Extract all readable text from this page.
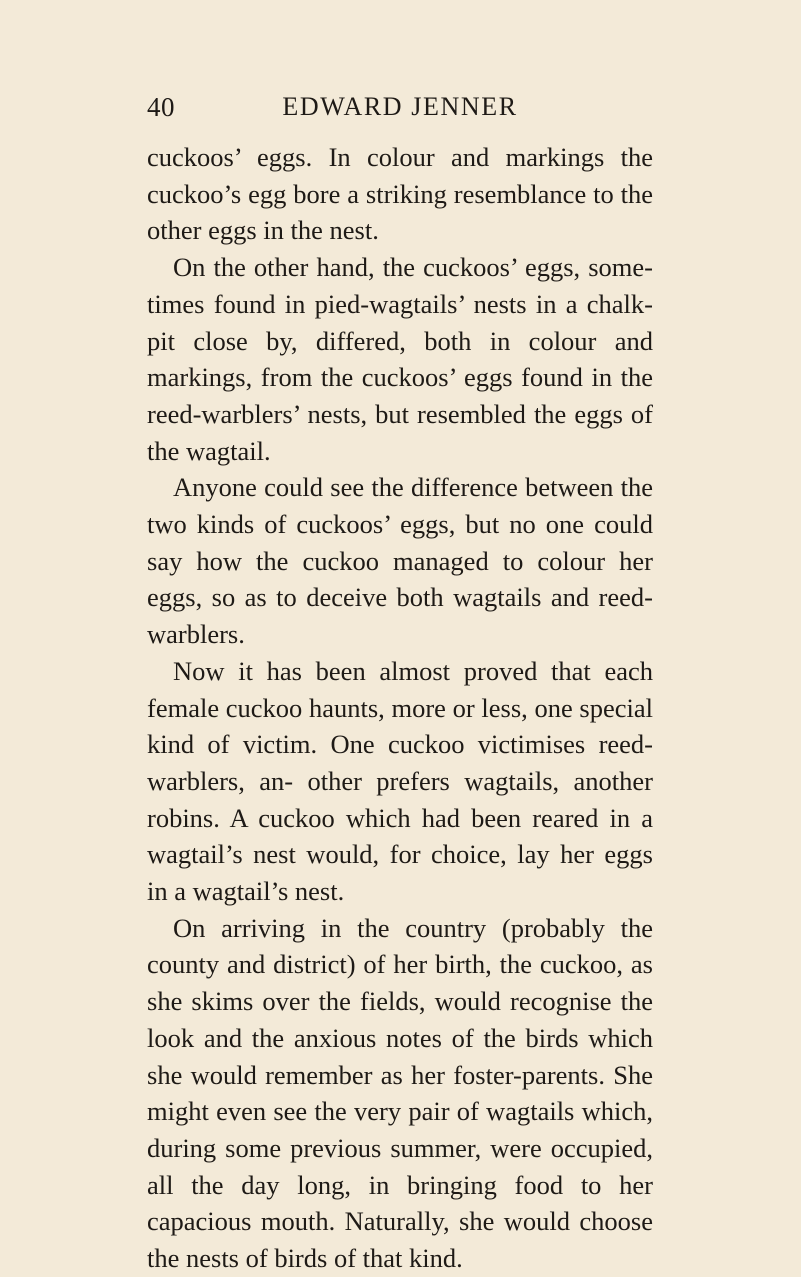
40	EDWARD JENNER

cuckoos’ eggs. In colour and markings the cuckoo’s egg bore a striking resemblance to the other eggs in the nest.

On the other hand, the cuckoos’ eggs, some- times found in pied-wagtails’ nests in a chalk-pit close by, differed, both in colour and markings, from the cuckoos’ eggs found in the reed-warblers’ nests, but resembled the eggs of the wagtail.

Anyone could see the difference between the two kinds of cuckoos’ eggs, but no one could say how the cuckoo managed to colour her eggs, so as to deceive both wagtails and reed-warblers.

Now it has been almost proved that each female cuckoo haunts, more or less, one special kind of victim. One cuckoo victimises reed-warblers, an- other prefers wagtails, another robins. A cuckoo which had been reared in a wagtail’s nest would, for choice, lay her eggs in a wagtail’s nest.

On arriving in the country (probably the county and district) of her birth, the cuckoo, as she skims over the fields, would recognise the look and the anxious notes of the birds which she would remember as her foster-parents. She might even see the very pair of wagtails which, during some previous summer, were occupied, all the day long, in bringing food to her capacious mouth. Naturally, she would choose the nests of birds of that kind.
